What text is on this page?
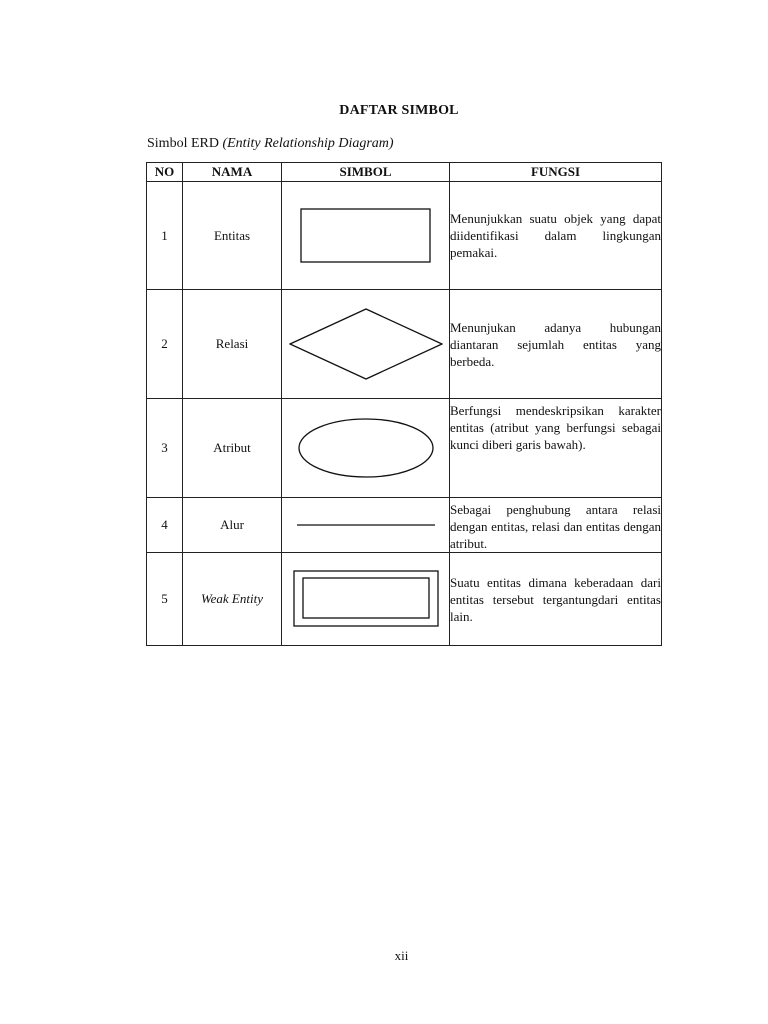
DAFTAR SIMBOL
Simbol ERD (Entity Relationship Diagram)
NO	NAMA	SIMBOL	FUNGSI
1	Entitas		Menunjukkan suatu objek yang dapat diidentifikasi dalam lingkungan pemakai.
2	Relasi		Menunjukan adanya hubungan diantaran sejumlah entitas yang berbeda.
3	Atribut		Berfungsi mendeskripsikan karakter entitas (atribut yang berfungsi sebagai kunci diberi garis bawah).
4	Alur		Sebagai penghubung antara relasi dengan entitas, relasi dan entitas dengan atribut.
5	Weak Entity		Suatu entitas dimana keberadaan dari entitas tersebut tergantungdari entitas lain.
xii
